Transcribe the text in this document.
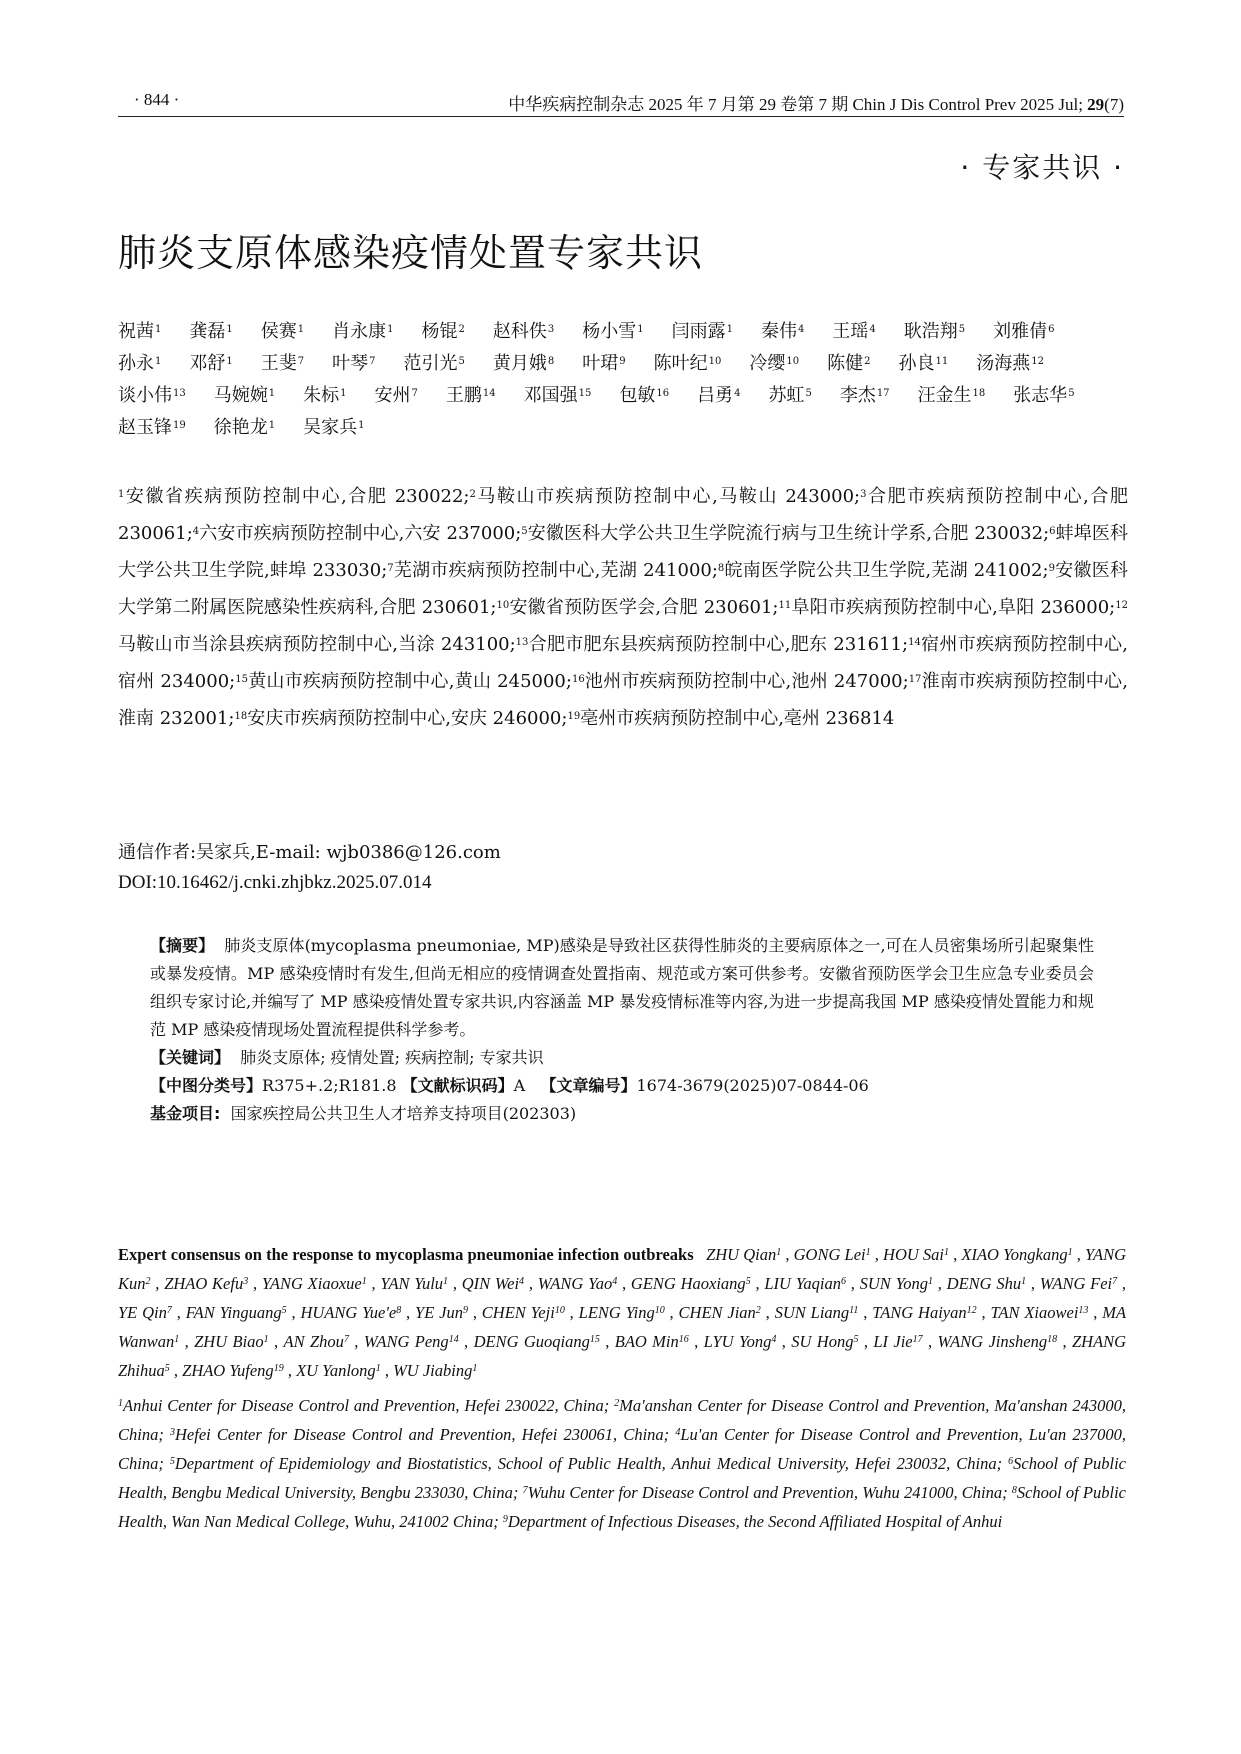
· 844 ·	中华疾病控制杂志 2025 年 7 月第 29 卷第 7 期 Chin J Dis Control Prev 2025 Jul; 29(7)
· 专家共识 ·
肺炎支原体感染疫情处置专家共识
祝茜$^1$ 龚磊$^1$ 侯赛$^1$ 肖永康$^1$ 杨锟$^2$ 赵科佚$^3$ 杨小雪$^1$ 闫雨露$^1$ 秦伟$^4$ 王瑶$^4$ 耿浩翔$^5$ 刘雅倩$^6$孙永$^1$ 邓舒$^1$ 王斐$^7$ 叶琴$^7$ 范引光$^5$ 黄月娥$^8$ 叶珺$^9$ 陈叶纪$^{10}$ 冷缨$^{10}$ 陈健$^2$ 孙良$^{11}$ 汤海燕$^{12}$谈小伟$^{13}$ 马婉婉$^1$ 朱标$^1$ 安州$^7$ 王鹏$^{14}$ 邓国强$^{15}$ 包敏$^{16}$ 吕勇$^4$ 苏虹$^5$ 李杰$^{17}$ 汪金生$^{18}$ 张志华$^5$赵玉锋$^{19}$ 徐艳龙$^1$ 吴家兵$^1$
$^1$安徽省疾病预防控制中心,合肥 230022;$^2$马鞍山市疾病预防控制中心,马鞍山 243000;$^3$合肥市疾病预防控制中心,合肥 230061;$^4$六安市疾病预防控制中心,六安 237000;$^5$安徽医科大学公共卫生学院流行病与卫生统计学系,合肥 230032;$^6$蚌埠医科大学公共卫生学院,蚌埠 233030;$^7$芜湖市疾病预防控制中心,芜湖 241000;$^8$皖南医学院公共卫生学院,芜湖 241002;$^9$安徽医科大学第二附属医院感染性疾病科,合肥 230601;$^{10}$安徽省预防医学会,合肥 230601;$^{11}$阜阳市疾病预防控制中心,阜阳 236000;$^{12}$马鞍山市当涂县疾病预防控制中心,当涂 243100;$^{13}$合肥市肥东县疾病预防控制中心,肥东 231611;$^{14}$宿州市疾病预防控制中心,宿州 234000;$^{15}$黄山市疾病预防控制中心,黄山 245000;$^{16}$池州市疾病预防控制中心,池州 247000;$^{17}$淮南市疾病预防控制中心,淮南 232001;$^{18}$安庆市疾病预防控制中心,安庆 246000;$^{19}$亳州市疾病预防控制中心,亳州 236814
通信作者:吴家兵,E-mail: wjb0386@126.com
DOI:10.16462/j.cnki.zhjbkz.2025.07.014

【摘要】 肺炎支原体(mycoplasma pneumoniae, MP)感染是导致社区获得性肺炎的主要病原体之一,可在人员密集场所引起聚集性或暴发疫情。MP 感染疫情时有发生,但尚无相应的疫情调查处置指南、规范或方案可供参考。安徽省预防医学会卫生应急专业委员会组织专家讨论,并编写了 MP 感染疫情处置专家共识,内容涵盖 MP 暴发疫情标准等内容,为进一步提高我国 MP 感染疫情处置能力和规范 MP 感染疫情现场处置流程提供科学参考。

【关键词】 肺炎支原体; 疫情处置; 疾病控制; 专家共识

【中图分类号】R375+.2;R181.8 【文献标识码】A 【文章编号】1674-3679(2025)07-0844-06

基金项目: 国家疾控局公共卫生人才培养支持项目(202303)

Expert consensus on the response to mycoplasma pneumoniae infection outbreaks ZHU Qian$^1$ , GONG Lei$^1$ , HOU Sai$^1$ , XIAO Yongkang$^1$ , YANG Kun$^2$ , ZHAO Kefu$^3$ , YANG Xiaoxue$^1$ , YAN Yulu$^1$ , QIN Wei$^4$ , WANG Yao$^4$ , GENG Haoxiang$^5$ , LIU Yaqian$^6$ , SUN Yong$^1$ , DENG Shu$^1$ , WANG Fei$^7$ , YE Qin$^7$ , FAN Yinguang$^5$ , HUANG $Yue'e^8$ , YE Jun$^9$ , CHEN Yeji$^{10}$ , LENG Ying$^{10}$ , CHEN Jian$^2$ , SUN Liang$^{11}$ , TANG Haiyan$^{12}$ , TAN Xiaowei$^{13}$ , MA Wanwan$^1$ , ZHU Biao$^1$ , AN Zhou$^7$ , WANG Peng$^{14}$ , DENG Guoqiang$^{15}$ , BAO Min$^{16}$ , LYU Yong$^4$ , SU Hong$^5$ , LI Jie$^{17}$ , WANG Jinsheng$^{18}$ , ZHANG Zhihua$^5$ , ZHAO Yufeng$^{19}$ , XU Yanlong$^1$ , WU Jiabing$^1$
$^1$Anhui Center for Disease Control and Prevention, Hefei 230022, China; $^2$Ma'anshan Center for Disease Control and Prevention, Ma'anshan 243000, China; $^3$Hefei Center for Disease Control and Prevention, Hefei 230061, China; $^4$Lu'an Center for Disease Control and Prevention, Lu'an 237000, China; $^5$Department of Epidemiology and Biostatistics, School of Public Health, Anhui Medical University, Hefei 230032, China; $^6$School of Public Health, Bengbu Medical University, Bengbu 233030, China; $^7$Wuhu Center for Disease Control and Prevention, Wuhu 241000, China; $^8$School of Public Health, Wan Nan Medical College, Wuhu, 241002 China; $^9$Department of Infectious Diseases, the Second Affiliated Hospital of Anhui
